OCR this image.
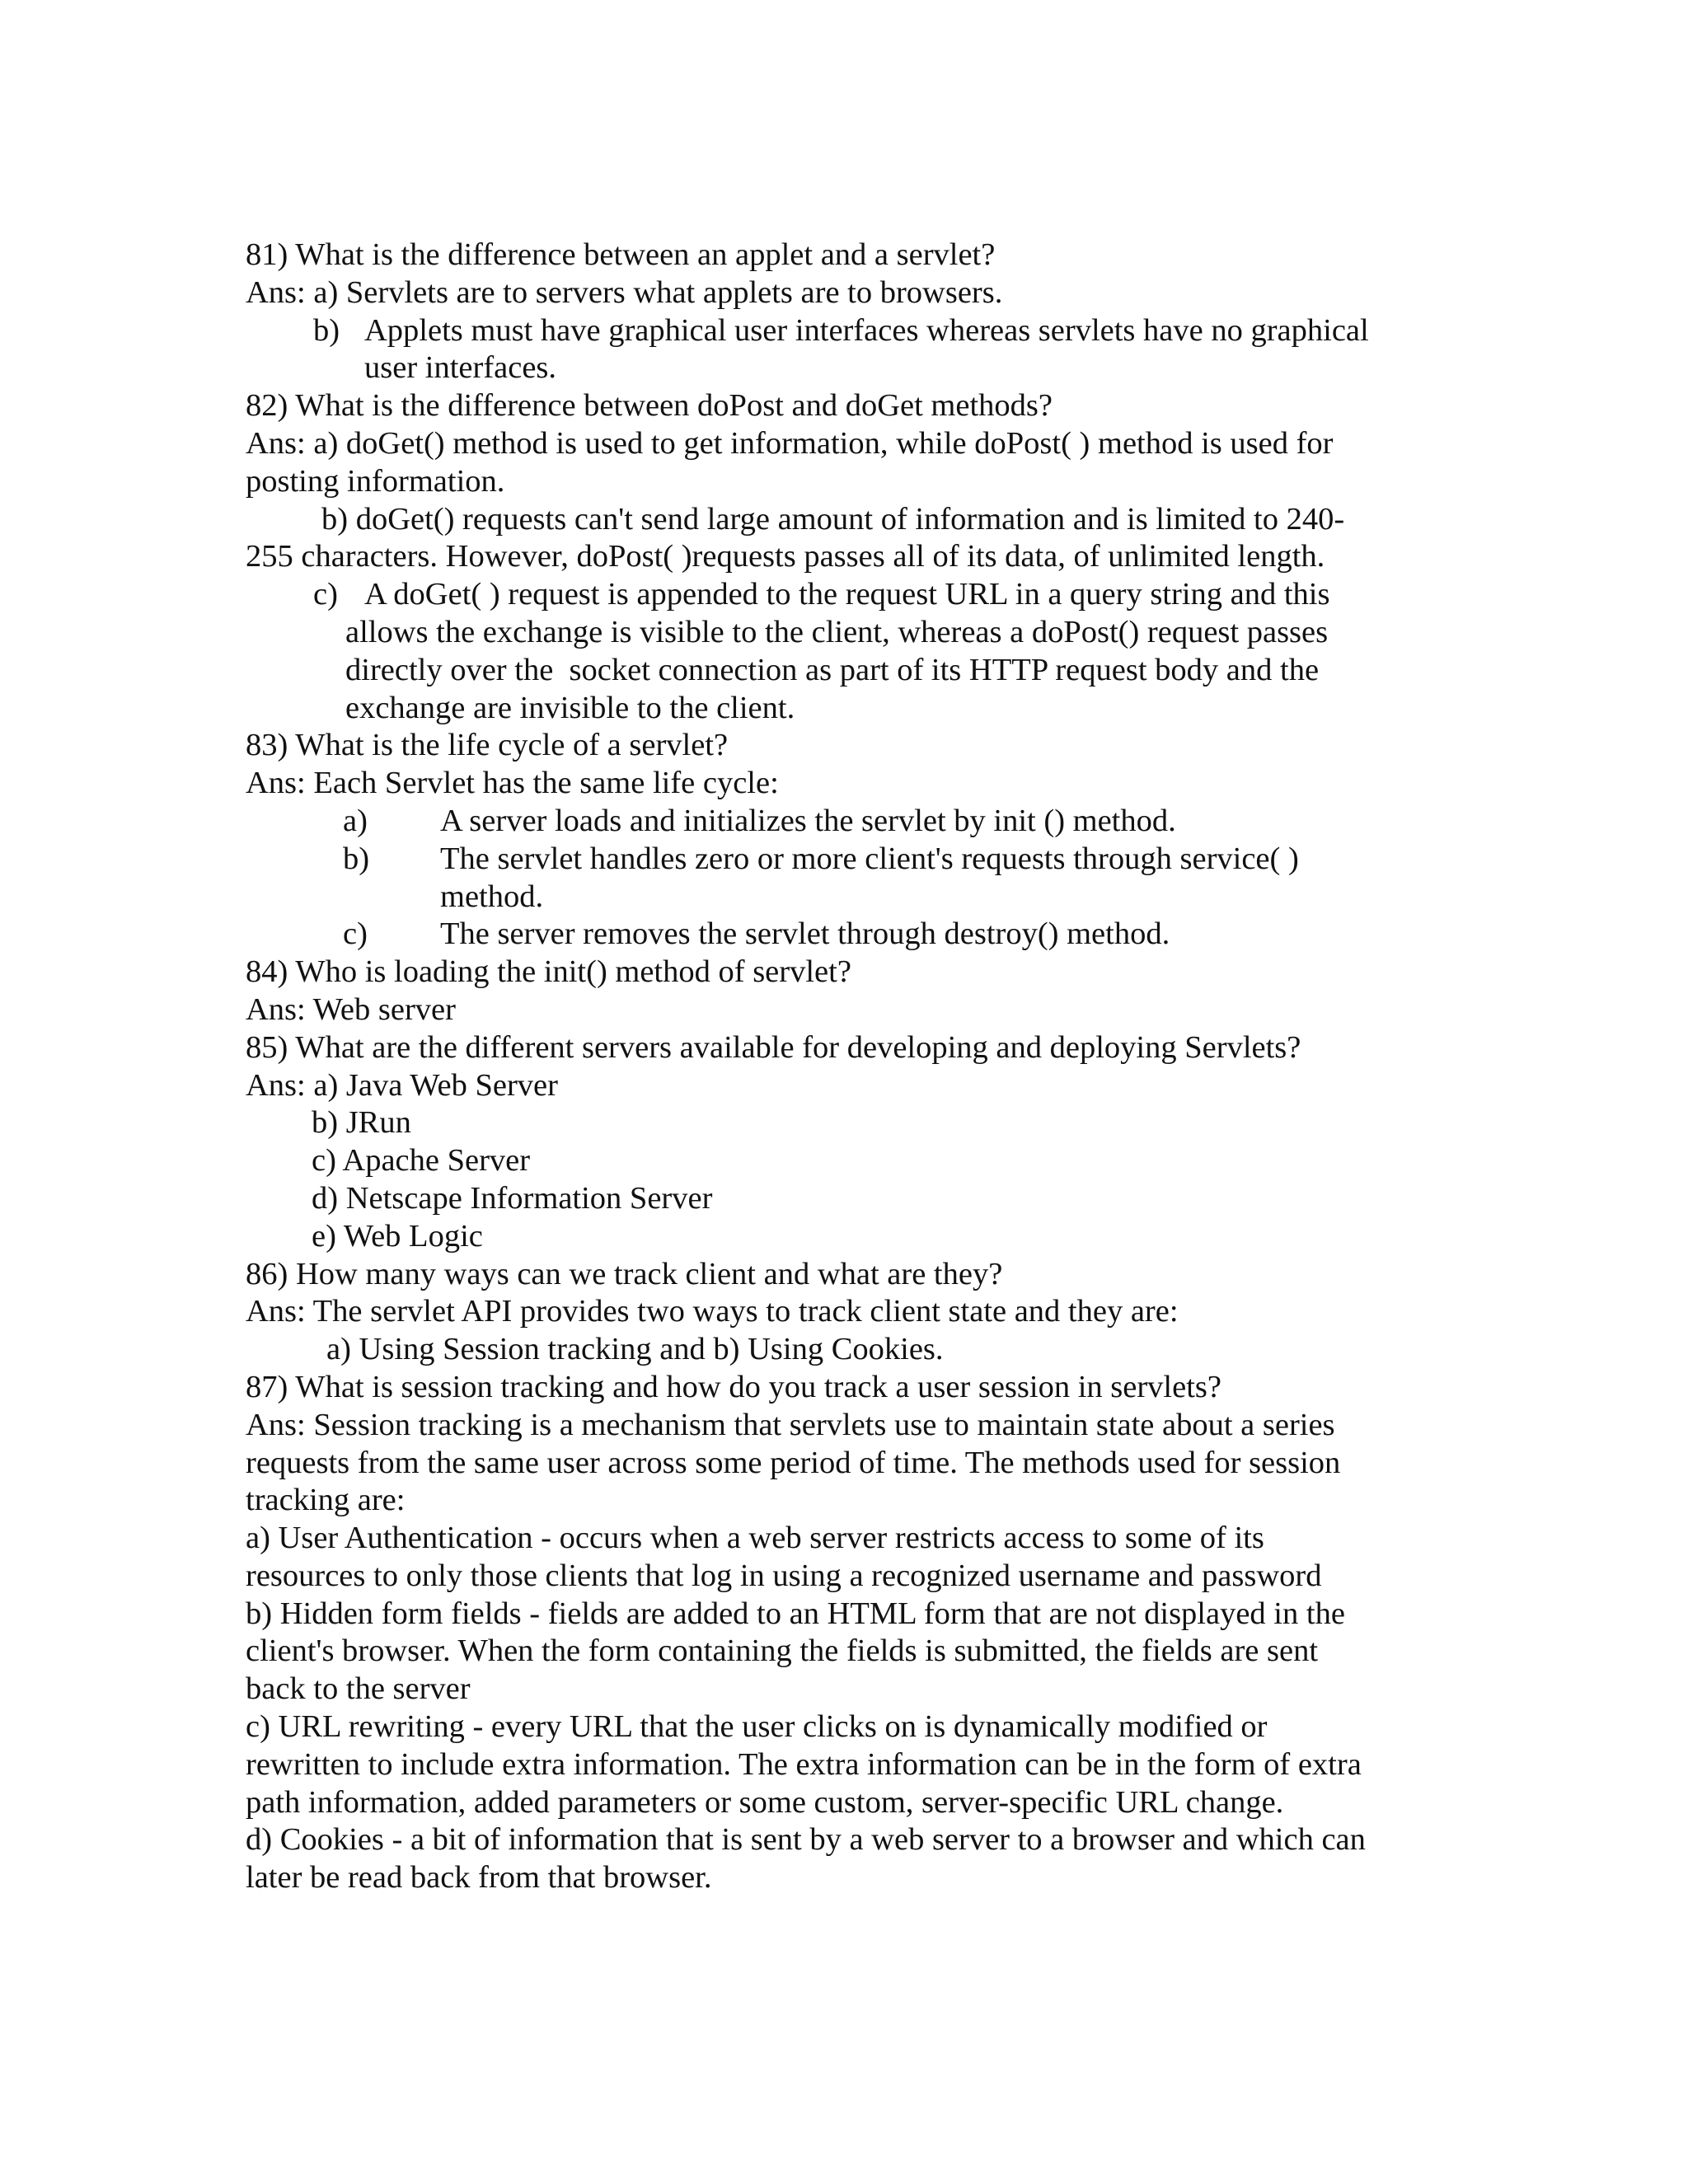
81) What is the difference between an applet and a servlet?
Ans: a) Servlets are to servers what applets are to browsers.
b) Applets must have graphical user interfaces whereas servlets have no graphical
user interfaces.
82) What is the difference between doPost and doGet methods?
Ans: a) doGet() method is used to get information, while doPost( ) method is used for
posting information.
b) doGet() requests can't send large amount of information and is limited to 240-
255 characters. However, doPost( )requests passes all of its data, of unlimited length.
c) A doGet( ) request is appended to the request URL in a query string and this
allows the exchange is visible to the client, whereas a doPost() request passes
directly over the  socket connection as part of its HTTP request body and the
exchange are invisible to the client.
83) What is the life cycle of a servlet?
Ans: Each Servlet has the same life cycle:
a) A server loads and initializes the servlet by init () method.
b) The servlet handles zero or more client's requests through service( )
method.
c) The server removes the servlet through destroy() method.
84) Who is loading the init() method of servlet?
Ans: Web server
85) What are the different servers available for developing and deploying Servlets?
Ans: a) Java Web Server
b) JRun
c) Apache Server
d) Netscape Information Server
e) Web Logic
86) How many ways can we track client and what are they?
Ans: The servlet API provides two ways to track client state and they are:
a) Using Session tracking and b) Using Cookies.
87) What is session tracking and how do you track a user session in servlets?
Ans: Session tracking is a mechanism that servlets use to maintain state about a series
requests from the same user across some period of time. The methods used for session
tracking are:
a) User Authentication - occurs when a web server restricts access to some of its
resources to only those clients that log in using a recognized username and password
b) Hidden form fields - fields are added to an HTML form that are not displayed in the
client's browser. When the form containing the fields is submitted, the fields are sent
back to the server
c) URL rewriting - every URL that the user clicks on is dynamically modified or
rewritten to include extra information. The extra information can be in the form of extra
path information, added parameters or some custom, server-specific URL change.
d) Cookies - a bit of information that is sent by a web server to a browser and which can
later be read back from that browser.
